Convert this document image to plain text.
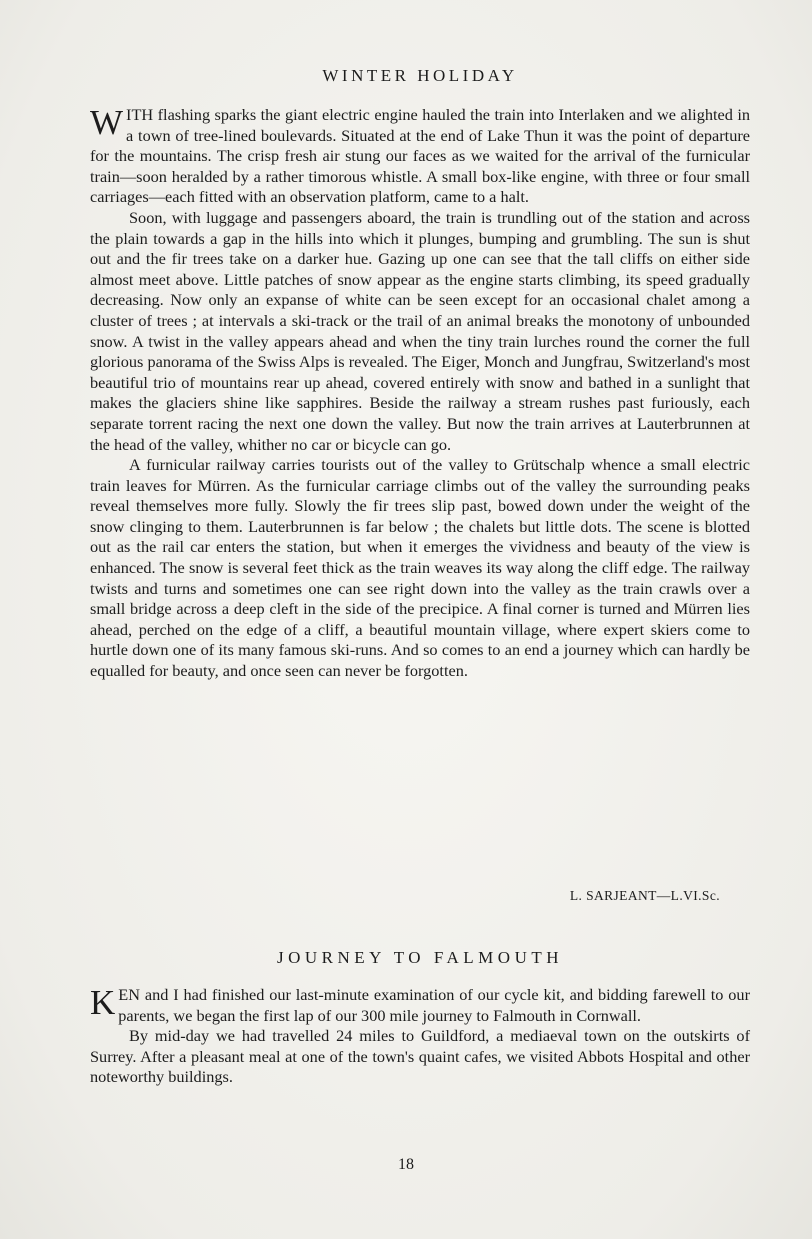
WINTER HOLIDAY

WITH flashing sparks the giant electric engine hauled the train into Interlaken and we alighted in a town of tree-lined boulevards. Situated at the end of Lake Thun it was the point of departure for the mountains. The crisp fresh air stung our faces as we waited for the arrival of the furnicular train—soon heralded by a rather timorous whistle. A small box-like engine, with three or four small carriages—each fitted with an observation platform, came to a halt.

Soon, with luggage and passengers aboard, the train is trundling out of the station and across the plain towards a gap in the hills into which it plunges, bumping and grumbling. The sun is shut out and the fir trees take on a darker hue. Gazing up one can see that the tall cliffs on either side almost meet above. Little patches of snow appear as the engine starts climbing, its speed gradually decreasing. Now only an expanse of white can be seen except for an occasional chalet among a cluster of trees ; at intervals a ski-track or the trail of an animal breaks the monotony of unbounded snow. A twist in the valley appears ahead and when the tiny train lurches round the corner the full glorious panorama of the Swiss Alps is revealed. The Eiger, Monch and Jungfrau, Switzerland's most beautiful trio of mountains rear up ahead, covered entirely with snow and bathed in a sunlight that makes the glaciers shine like sapphires. Beside the railway a stream rushes past furiously, each separate torrent racing the next one down the valley. But now the train arrives at Lauterbrunnen at the head of the valley, whither no car or bicycle can go.

A furnicular railway carries tourists out of the valley to Grütschalp whence a small electric train leaves for Mürren. As the furnicular carriage climbs out of the valley the surrounding peaks reveal themselves more fully. Slowly the fir trees slip past, bowed down under the weight of the snow clinging to them. Lauterbrunnen is far below ; the chalets but little dots. The scene is blotted out as the rail car enters the station, but when it emerges the vividness and beauty of the view is enhanced. The snow is several feet thick as the train weaves its way along the cliff edge. The railway twists and turns and sometimes one can see right down into the valley as the train crawls over a small bridge across a deep cleft in the side of the precipice. A final corner is turned and Mürren lies ahead, perched on the edge of a cliff, a beautiful mountain village, where expert skiers come to hurtle down one of its many famous ski-runs. And so comes to an end a journey which can hardly be equalled for beauty, and once seen can never be forgotten.

L. SARJEANT—L.VI.Sc.
JOURNEY TO FALMOUTH

KEN and I had finished our last-minute examination of our cycle kit, and bidding farewell to our parents, we began the first lap of our 300 mile journey to Falmouth in Cornwall.

By mid-day we had travelled 24 miles to Guildford, a mediaeval town on the outskirts of Surrey. After a pleasant meal at one of the town's quaint cafes, we visited Abbots Hospital and other noteworthy buildings.

18
